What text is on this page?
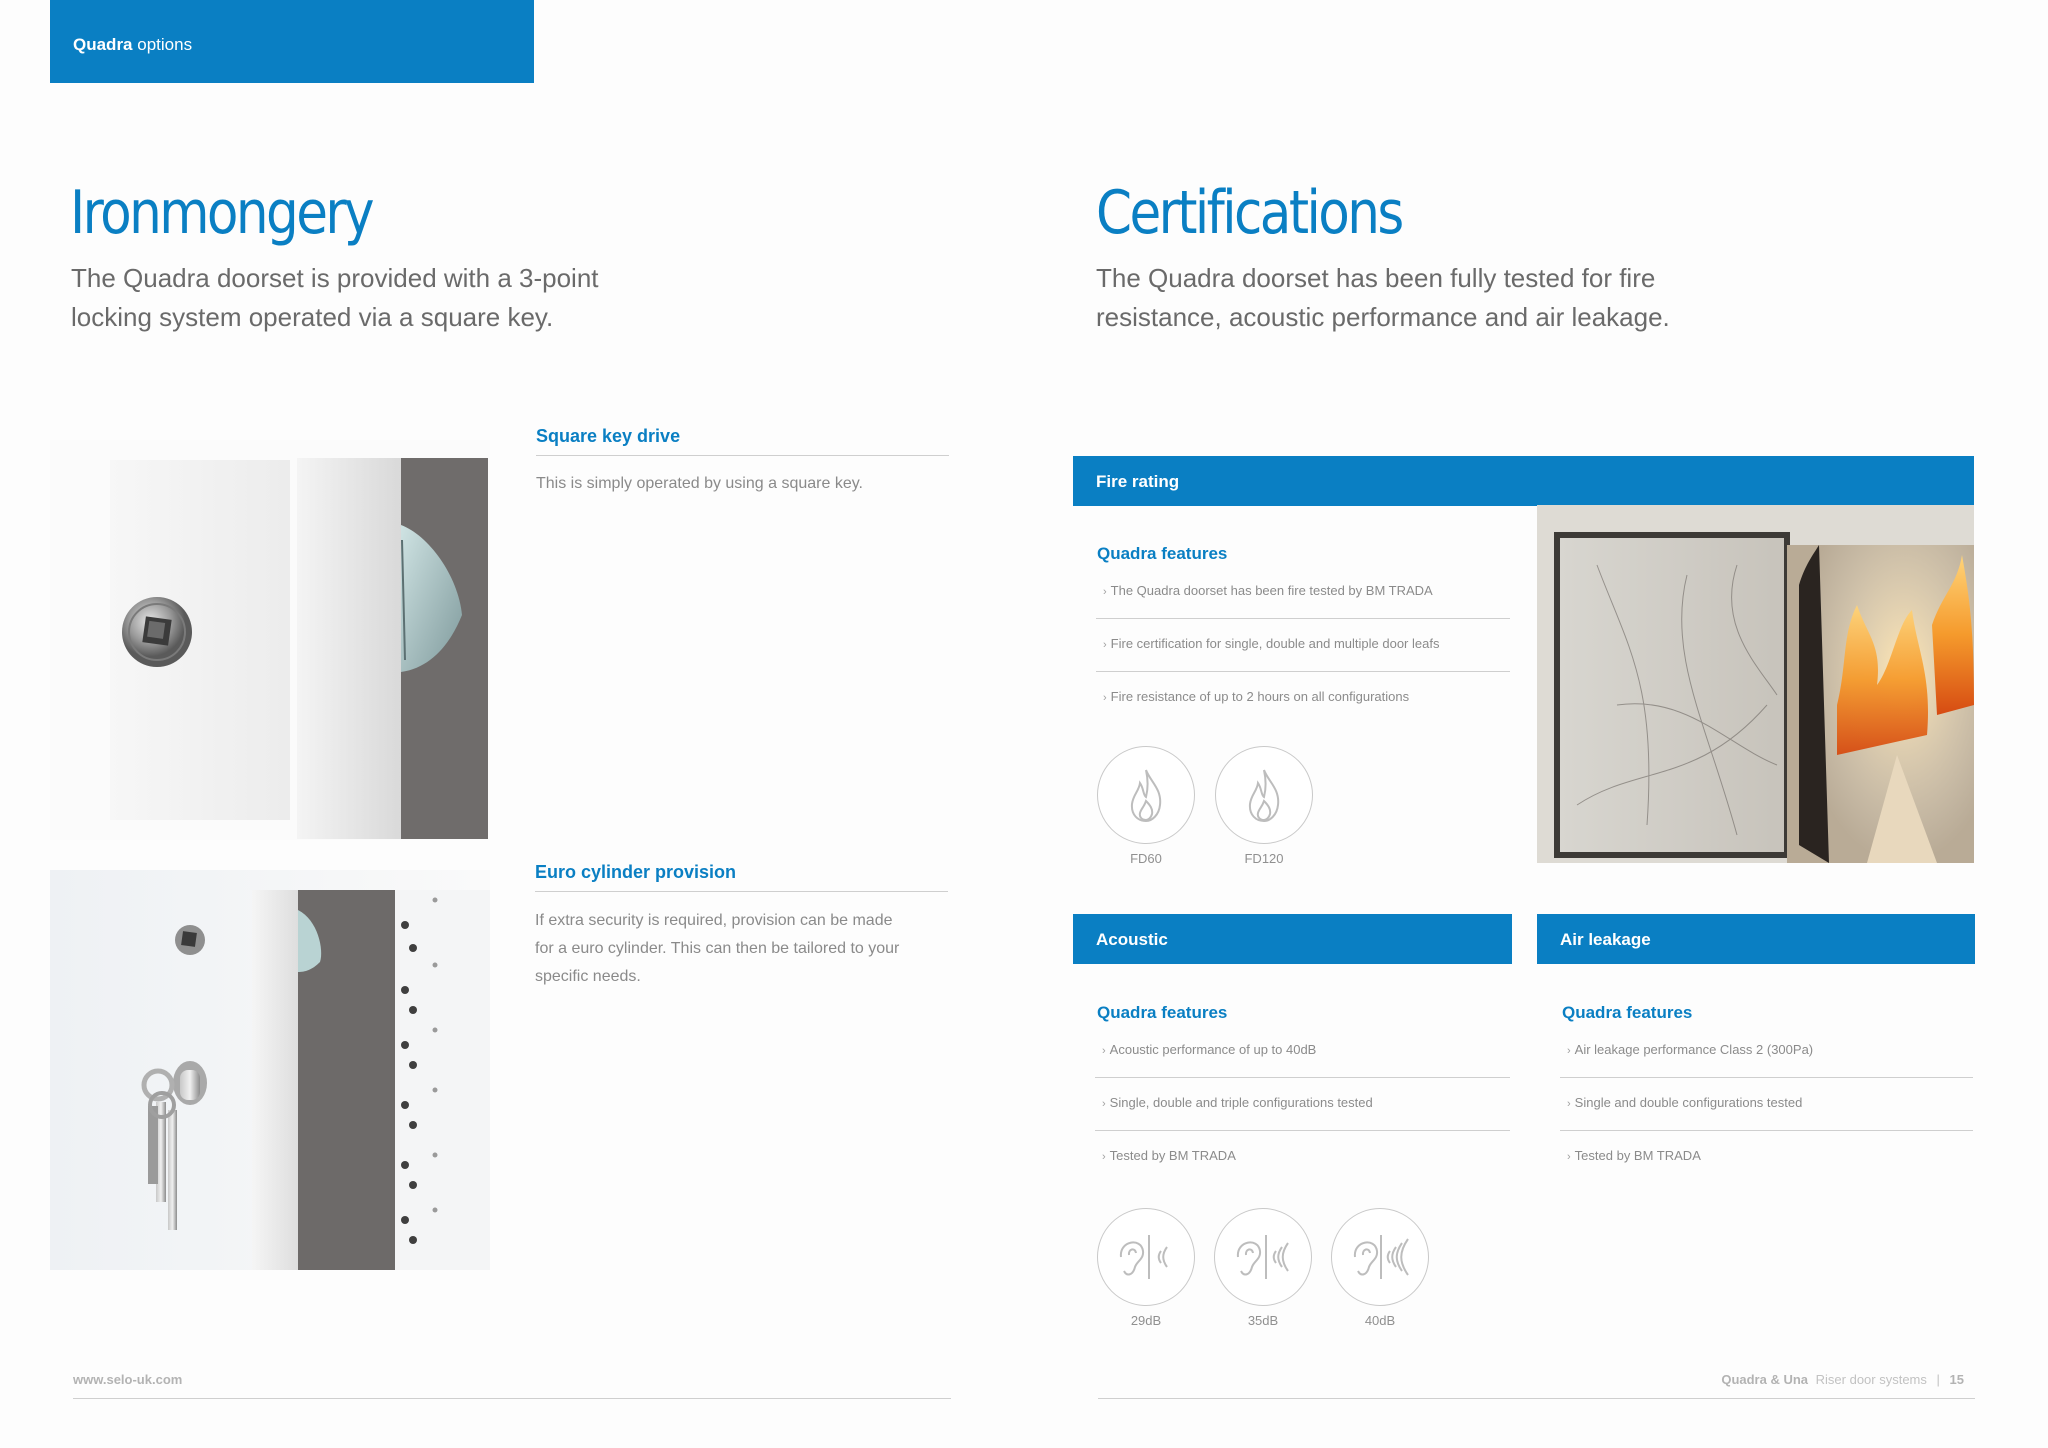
Quadra options
Ironmongery
The Quadra doorset is provided with a 3-point
locking system operated via a square key.
Square key drive
This is simply operated by using a square key.
Euro cylinder provision
If extra security is required, provision can be made
for a euro cylinder. This can then be tailored to your
specific needs.
Certifications
The Quadra doorset has been fully tested for fire
resistance, acoustic performance and air leakage.
Fire rating
Quadra features
› The Quadra doorset has been fire tested by BM TRADA
› Fire certification for single, double and multiple door leafs
› Fire resistance of up to 2 hours on all configurations
FD60	FD120
Acoustic
Quadra features
› Acoustic performance of up to 40dB
› Single, double and triple configurations tested
› Tested by BM TRADA
29dB	35dB	40dB
Air leakage
Quadra features
› Air leakage performance Class 2 (300Pa)
› Single and double configurations tested
› Tested by BM TRADA
www.selo-uk.com	Quadra & Una Riser door systems | 15
